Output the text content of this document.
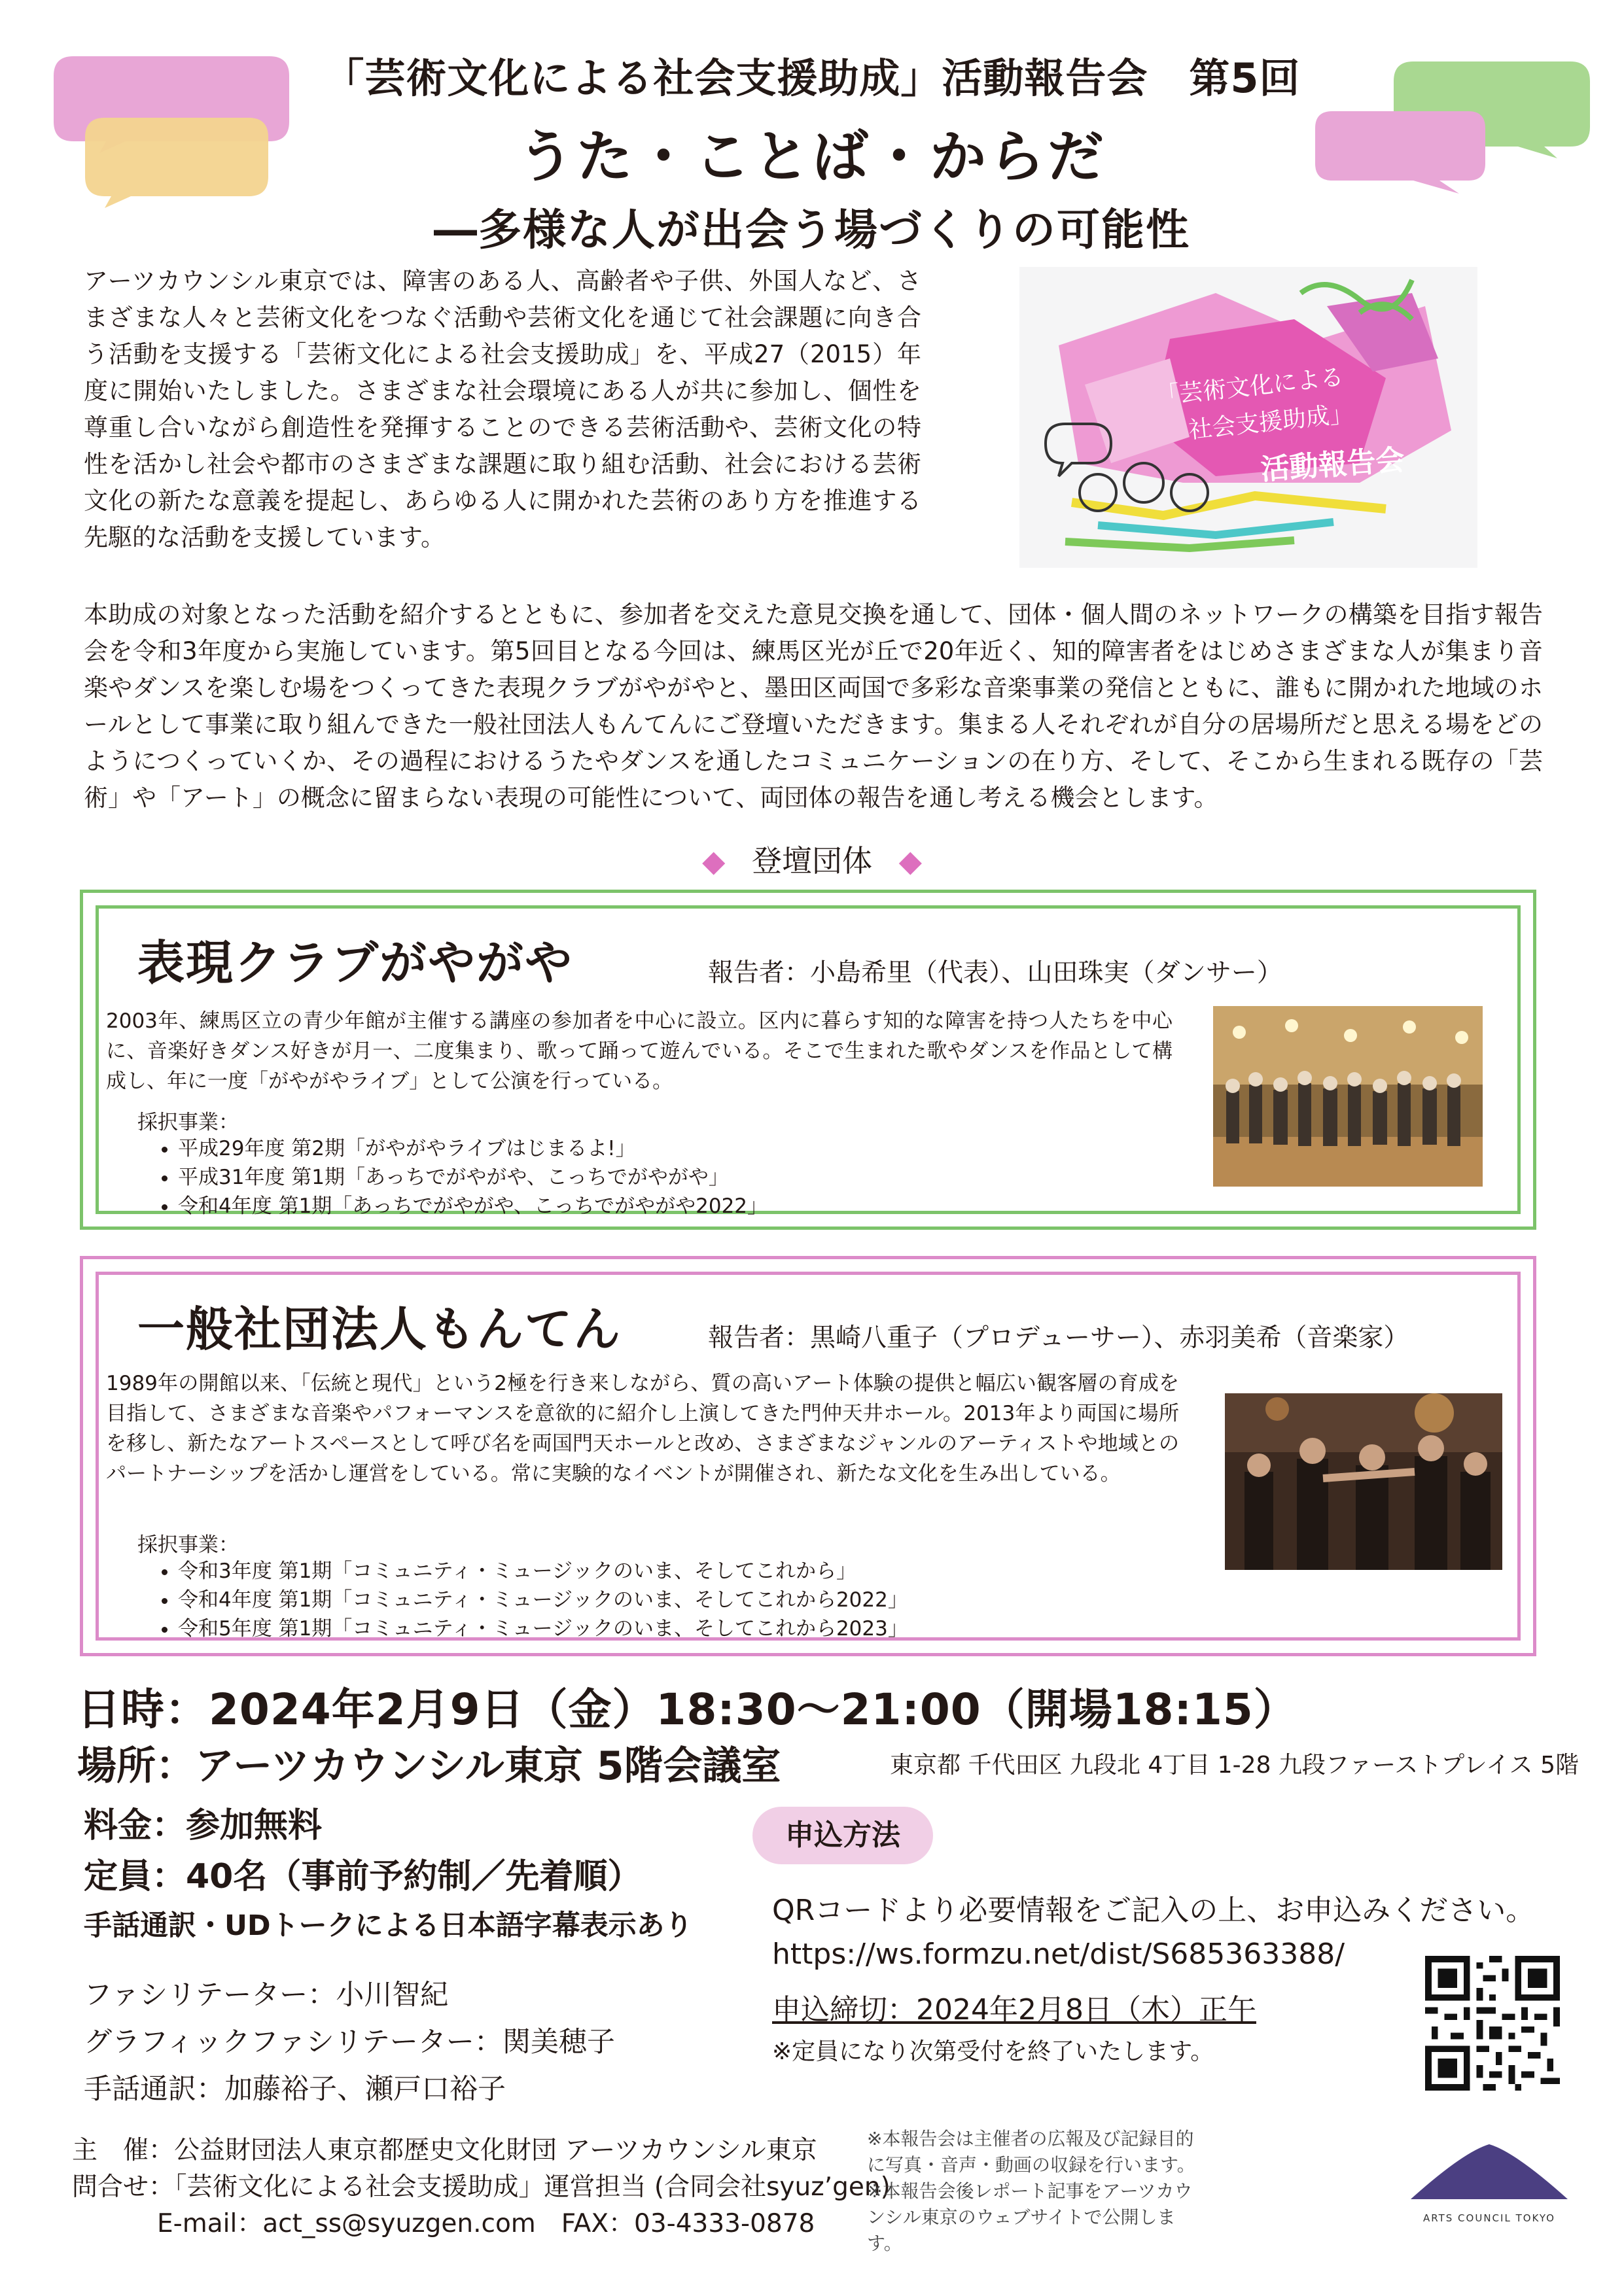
「芸術文化による社会支援助成」活動報告会　第5回
うた・ことば・からだ
―多様な人が出会う場づくりの可能性
アーツカウンシル東京では、障害のある人、高齢者や子供、外国人など、さまざまな人々と芸術文化をつなぐ活動や芸術文化を通じて社会課題に向き合う活動を支援する「芸術文化による社会支援助成」を、平成27（2015）年度に開始いたしました。さまざまな社会環境にある人が共に参加し、個性を尊重し合いながら創造性を発揮することのできる芸術活動や、芸術文化の特性を活かし社会や都市のさまざまな課題に取り組む活動、社会における芸術文化の新たな意義を提起し、あらゆる人に開かれた芸術のあり方を推進する先駆的な活動を支援しています。
「芸術文化による
社会支援助成」
活動報告会
本助成の対象となった活動を紹介するとともに、参加者を交えた意見交換を通して、団体・個人間のネットワークの構築を目指す報告会を令和3年度から実施しています。第5回目となる今回は、練馬区光が丘で20年近く、知的障害者をはじめさまざまな人が集まり音楽やダンスを楽しむ場をつくってきた表現クラブがやがやと、墨田区両国で多彩な音楽事業の発信とともに、誰もに開かれた地域のホールとして事業に取り組んできた一般社団法人もんてんにご登壇いただきます。集まる人それぞれが自分の居場所だと思える場をどのようにつくっていくか、その過程におけるうたやダンスを通したコミュニケーションの在り方、そして、そこから生まれる既存の「芸術」や「アート」の概念に留まらない表現の可能性について、両団体の報告を通し考える機会とします。
◆ 登壇団体 ◆
表現クラブがやがや	報告者：小島希里（代表）、山田珠実（ダンサー）
2003年、練馬区立の青少年館が主催する講座の参加者を中心に設立。区内に暮らす知的な障害を持つ人たちを中心に、音楽好きダンス好きが月一、二度集まり、歌って踊って遊んでいる。そこで生まれた歌やダンスを作品として構成し、年に一度「がやがやライブ」として公演を行っている。
採択事業：
• 平成29年度 第2期「がやがやライブはじまるよ!」
• 平成31年度 第1期「あっちでがやがや、こっちでがやがや」
• 令和4年度 第1期「あっちでがやがや、こっちでがやがや2022」
一般社団法人もんてん	報告者：黒崎八重子（プロデューサー）、赤羽美希（音楽家）
1989年の開館以来、「伝統と現代」という2極を行き来しながら、質の高いアート体験の提供と幅広い観客層の育成を目指して、さまざまな音楽やパフォーマンスを意欲的に紹介し上演してきた門仲天井ホール。2013年より両国に場所を移し、新たなアートスペースとして呼び名を両国門天ホールと改め、さまざまなジャンルのアーティストや地域とのパートナーシップを活かし運営をしている。常に実験的なイベントが開催され、新たな文化を生み出している。
採択事業：
• 令和3年度 第1期「コミュニティ・ミュージックのいま、そしてこれから」
• 令和4年度 第1期「コミュニティ・ミュージックのいま、そしてこれから2022」
• 令和5年度 第1期「コミュニティ・ミュージックのいま、そしてこれから2023」
日時：2024年2月9日（金）18:30～21:00（開場18:15）
場所：アーツカウンシル東京 5階会議室	東京都 千代田区 九段北 4丁目 1-28 九段ファーストプレイス 5階
料金：参加無料
定員：40名（事前予約制／先着順）
手話通訳・UDトークによる日本語字幕表示あり
ファシリテーター：小川智紀
グラフィックファシリテーター：関美穂子
手話通訳：加藤裕子、瀬戸口裕子
申込方法
QRコードより必要情報をご記入の上、お申込みください。
https://ws.formzu.net/dist/S685363388/
申込締切：2024年2月8日（木）正午
※定員になり次第受付を終了いたします。
主　催：公益財団法人東京都歴史文化財団 アーツカウンシル東京
問合せ：「芸術文化による社会支援助成」運営担当 (合同会社syuz’gen)
E-mail：act_ss@syuzgen.com　FAX：03-4333-0878
※本報告会は主催者の広報及び記録目的に写真・音声・動画の収録を行います。
※本報告会後レポート記事をアーツカウンシル東京のウェブサイトで公開します。
ARTS COUNCIL TOKYO
